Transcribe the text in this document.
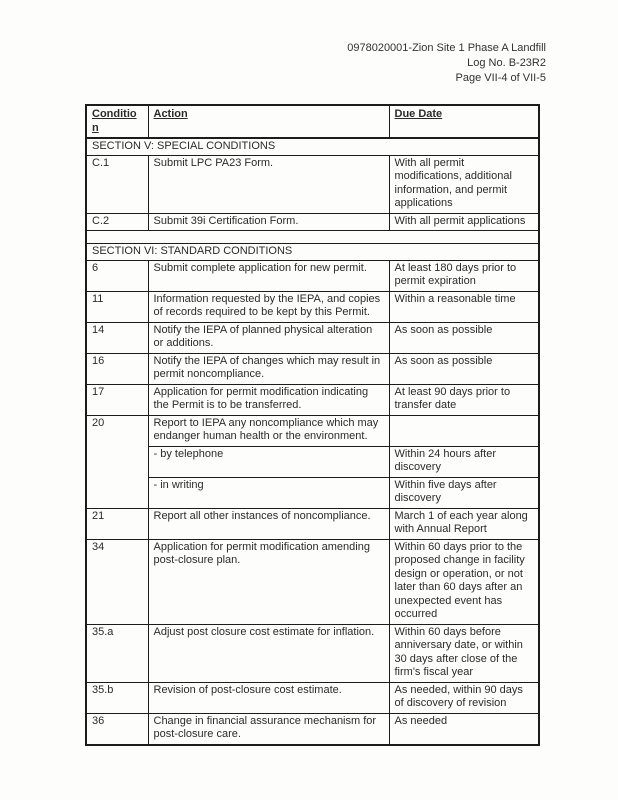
0978020001-Zion Site 1 Phase A Landfill
Log No. B-23R2
Page VII-4 of VII-5
Condition	Action	Due Date
SECTION V: SPECIAL CONDITIONS		
C.1	Submit LPC PA23 Form.	With all permit modifications, additional information, and permit applications
C.2	Submit 39i Certification Form.	With all permit applications

SECTION VI: STANDARD CONDITIONS		
6	Submit complete application for new permit.	At least 180 days prior to permit expiration
11	Information requested by the IEPA, and copies of records required to be kept by this Permit.	Within a reasonable time
14	Notify the IEPA of planned physical alteration or additions.	As soon as possible
16	Notify the IEPA of changes which may result in permit noncompliance.	As soon as possible
17	Application for permit modification indicating the Permit is to be transferred.	At least 90 days prior to transfer date
20	Report to IEPA any noncompliance which may endanger human health or the environment.	
	- by telephone	Within 24 hours after discovery
	- in writing	Within five days after discovery
21	Report all other instances of noncompliance.	March 1 of each year along with Annual Report
34	Application for permit modification amending post-closure plan.	Within 60 days prior to the proposed change in facility design or operation, or not later than 60 days after an unexpected event has occurred
35.a	Adjust post closure cost estimate for inflation.	Within 60 days before anniversary date, or within 30 days after close of the firm's fiscal year
35.b	Revision of post-closure cost estimate.	As needed, within 90 days of discovery of revision
36	Change in financial assurance mechanism for post-closure care.	As needed
